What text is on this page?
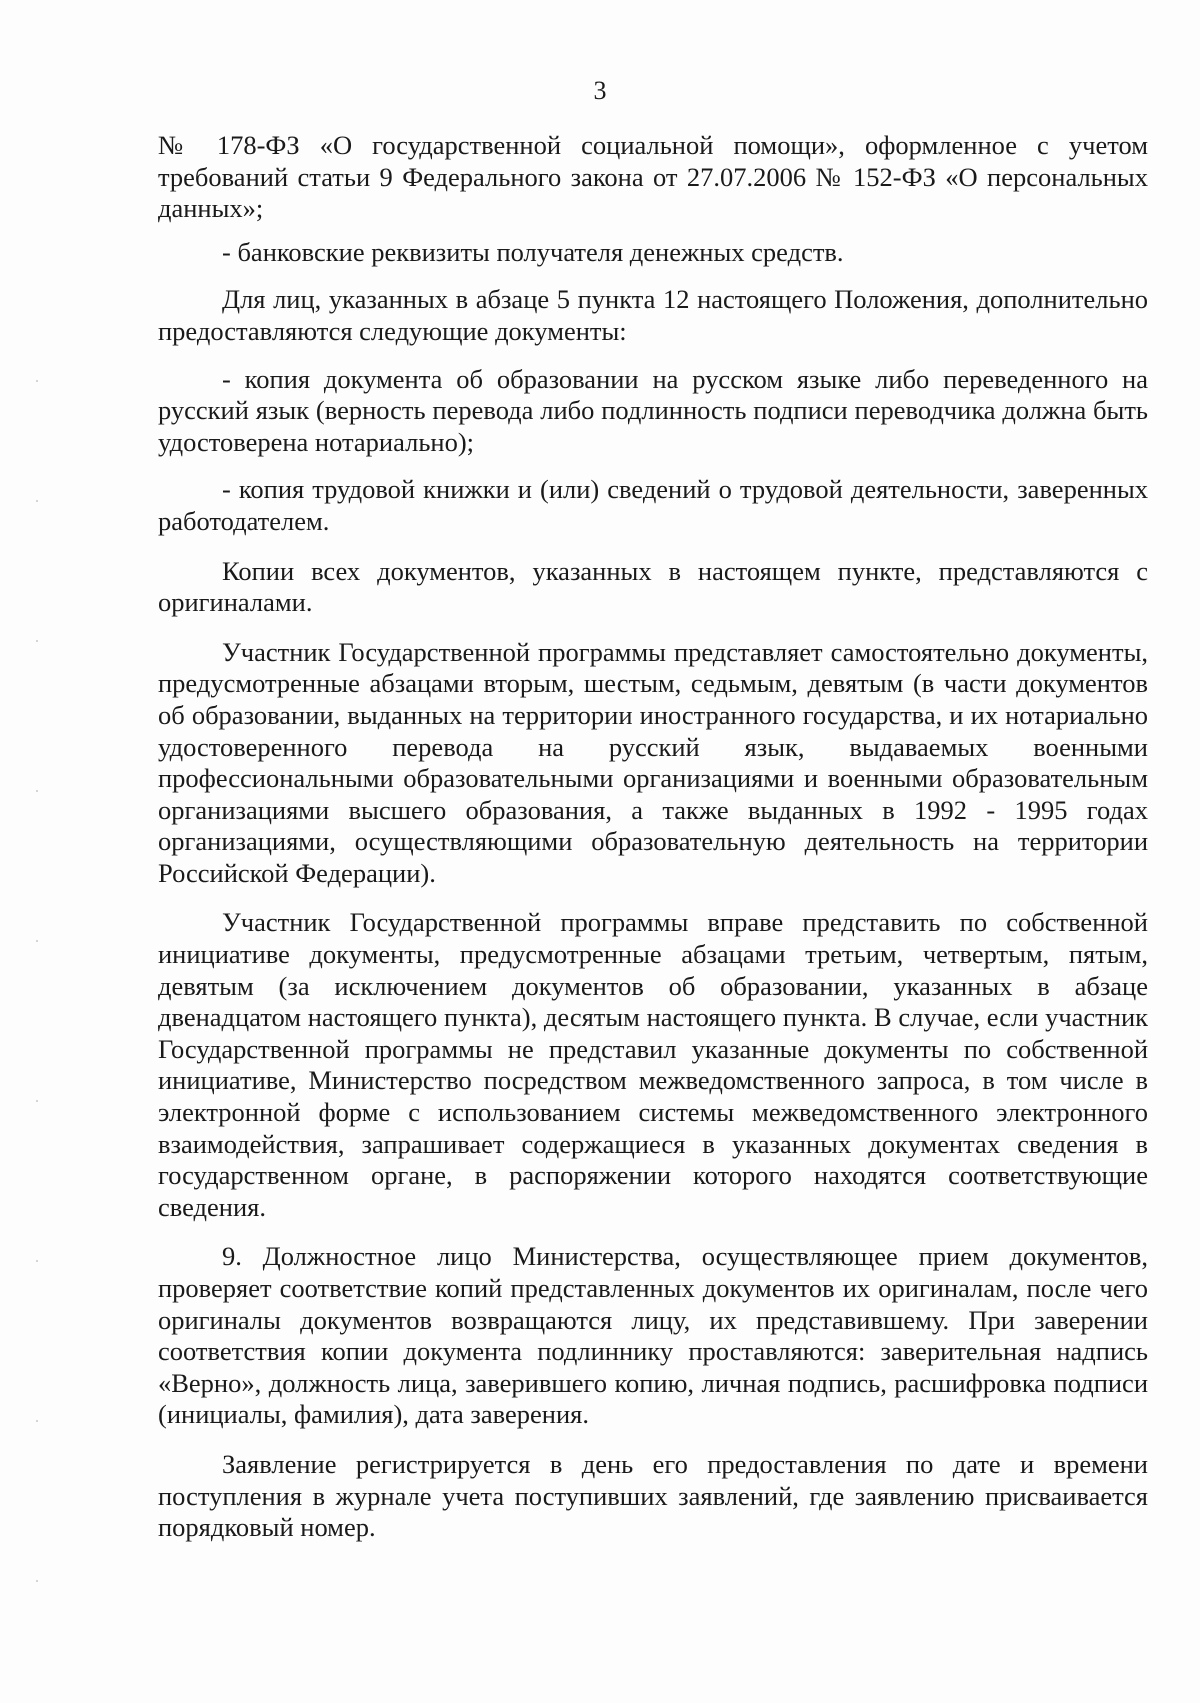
3

№ 178-ФЗ «О государственной социальной помощи», оформленное с учетом требований статьи 9 Федерального закона от 27.07.2006 № 152-ФЗ «О персональных данных»;

- банковские реквизиты получателя денежных средств.

Для лиц, указанных в абзаце 5 пункта 12 настоящего Положения, дополнительно предоставляются следующие документы:

- копия документа об образовании на русском языке либо переведенного на русский язык (верность перевода либо подлинность подписи переводчика должна быть удостоверена нотариально);

- копия трудовой книжки и (или) сведений о трудовой деятельности, заверенных работодателем.

Копии всех документов, указанных в настоящем пункте, представляются с оригиналами.

Участник Государственной программы представляет самостоятельно документы, предусмотренные абзацами вторым, шестым, седьмым, девятым (в части документов об образовании, выданных на территории иностранного государства, и их нотариально удостоверенного перевода на русский язык, выдаваемых военными профессиональными образовательными организациями и военными образовательным организациями высшего образования, а также выданных в 1992 - 1995 годах организациями, осуществляющими образовательную деятельность на территории Российской Федерации).

Участник Государственной программы вправе представить по собственной инициативе документы, предусмотренные абзацами третьим, четвертым, пятым, девятым (за исключением документов об образовании, указанных в абзаце двенадцатом настоящего пункта), десятым настоящего пункта. В случае, если участник Государственной программы не представил указанные документы по собственной инициативе, Министерство посредством межведомственного запроса, в том числе в электронной форме с использованием системы межведомственного электронного взаимодействия, запрашивает содержащиеся в указанных документах сведения в государственном органе, в распоряжении которого находятся соответствующие сведения.

9. Должностное лицо Министерства, осуществляющее прием документов, проверяет соответствие копий представленных документов их оригиналам, после чего оригиналы документов возвращаются лицу, их представившему. При заверении соответствия копии документа подлиннику проставляются: заверительная надпись «Верно», должность лица, заверившего копию, личная подпись, расшифровка подписи (инициалы, фамилия), дата заверения.

Заявление регистрируется в день его предоставления по дате и времени поступления в журнале учета поступивших заявлений, где заявлению присваивается порядковый номер.
